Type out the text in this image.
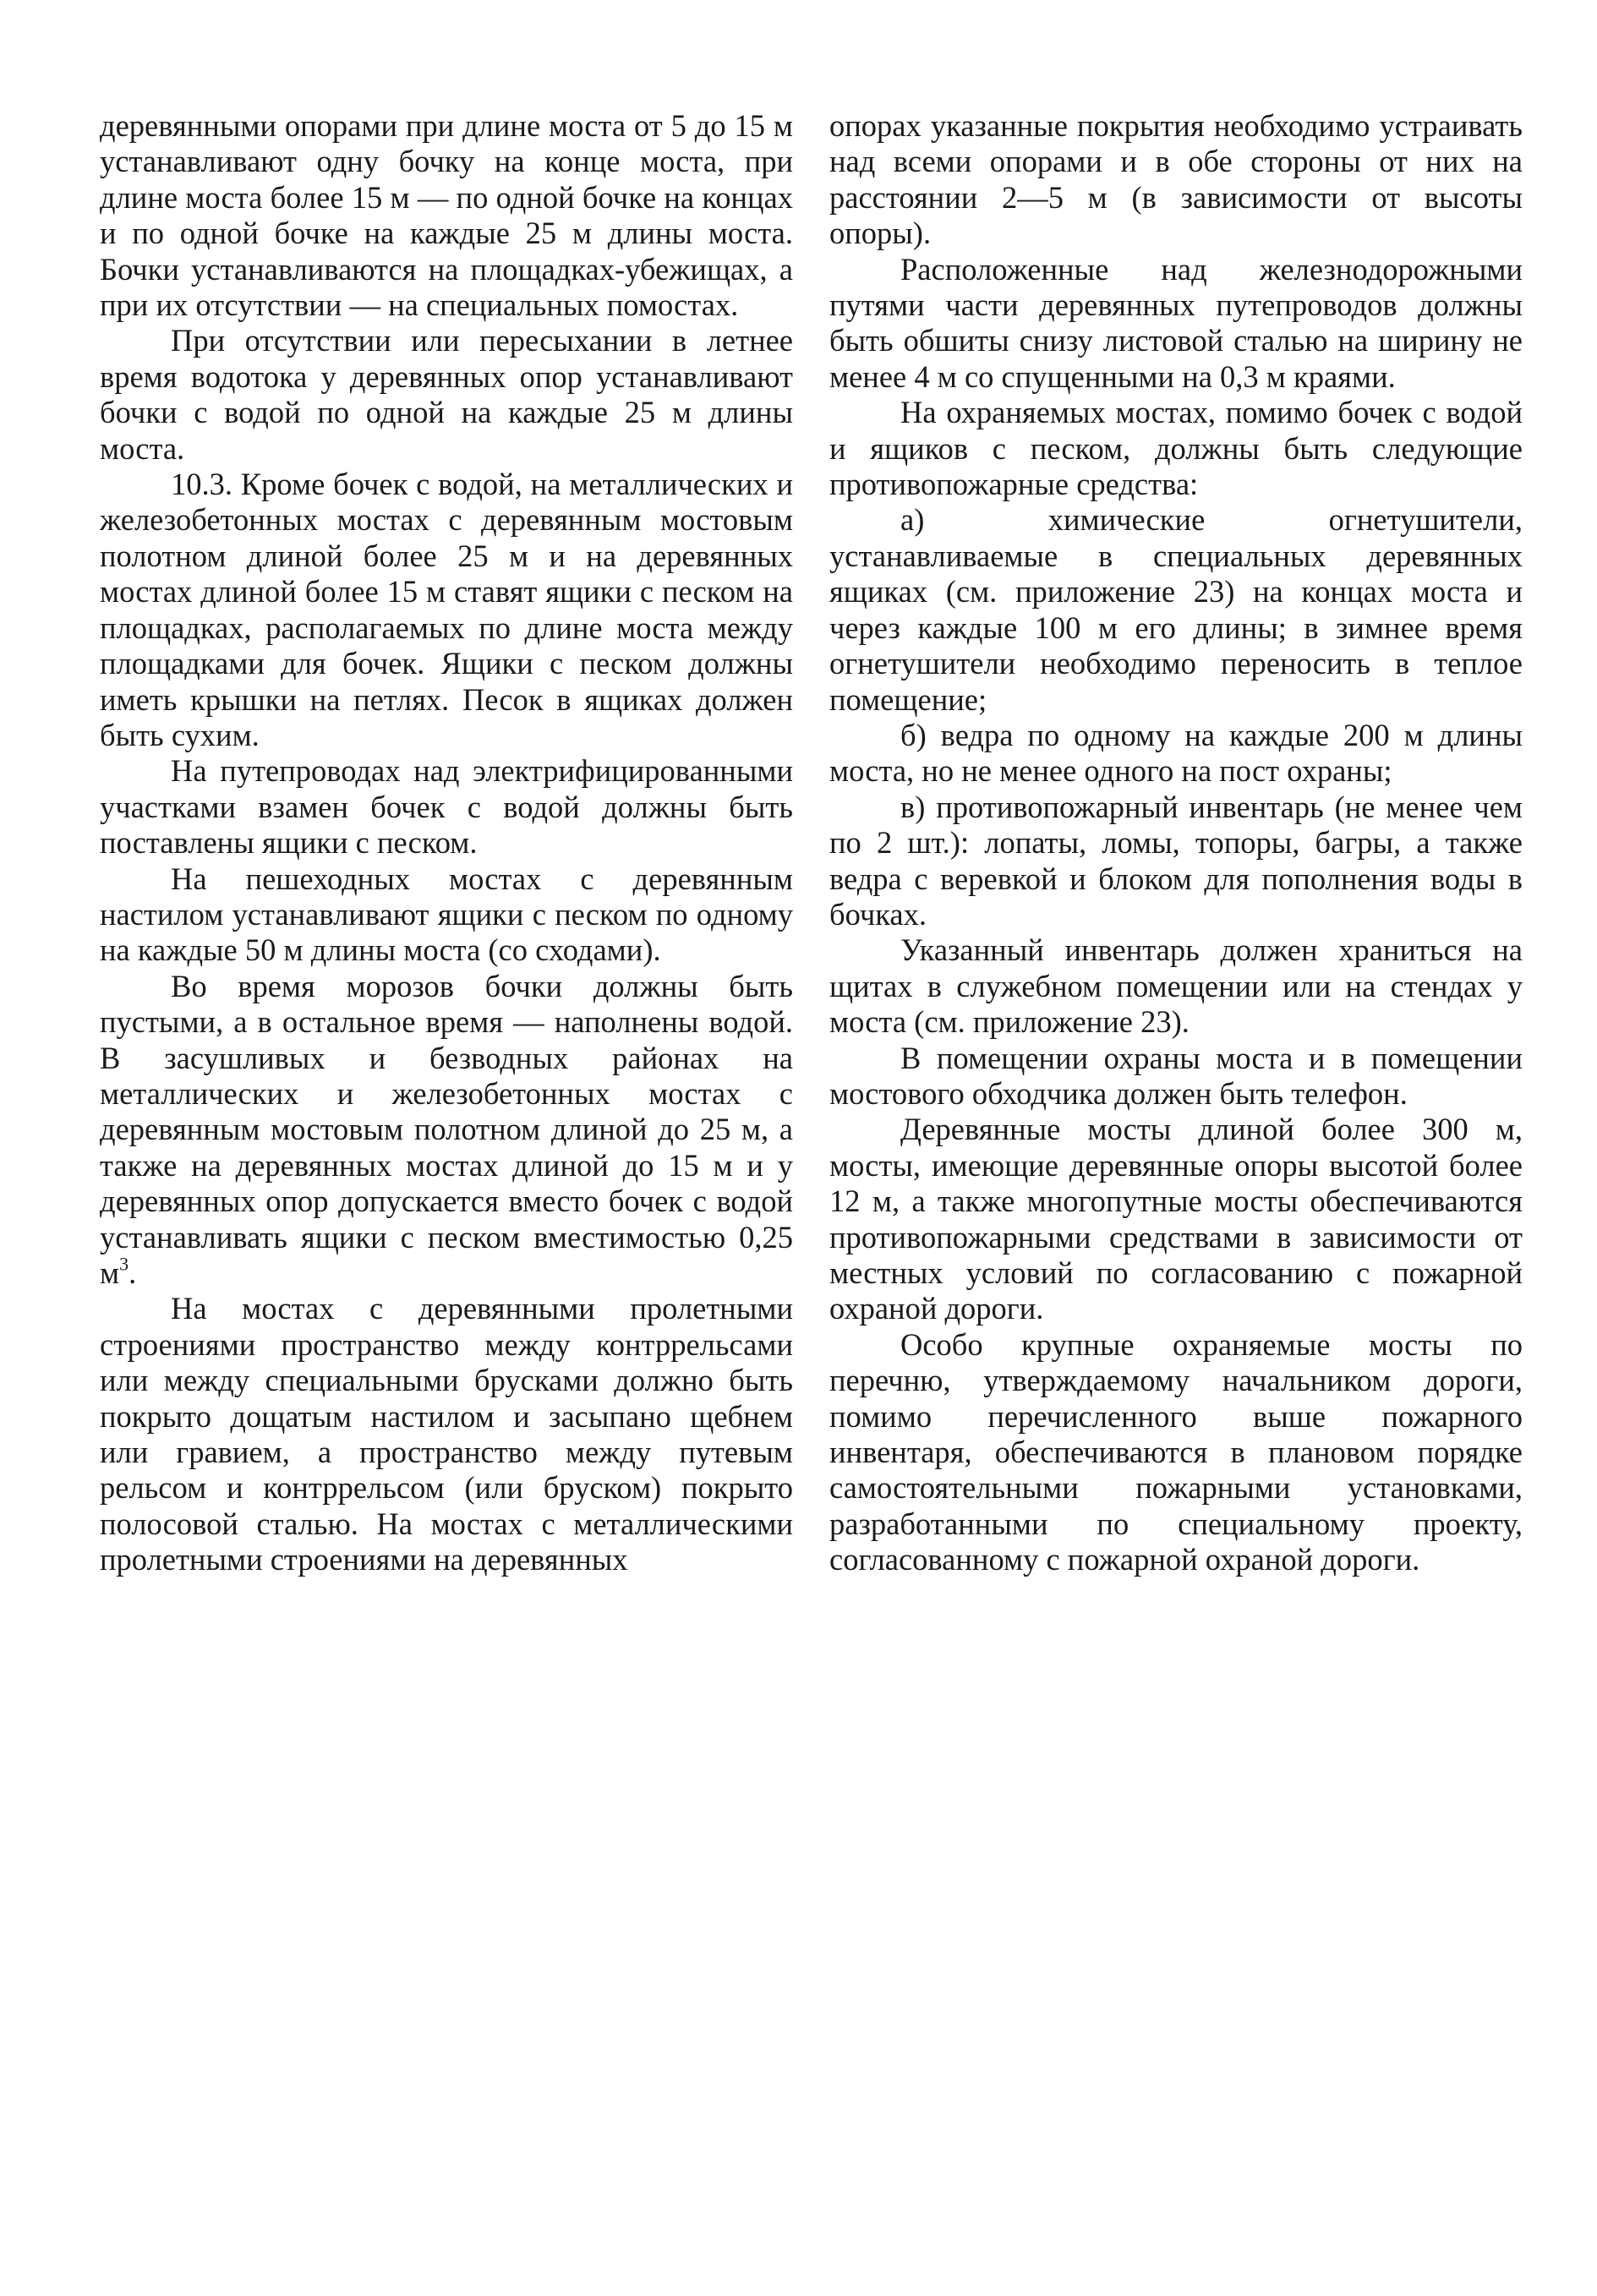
деревянными опорами при длине моста от 5 до 15 м устанавливают одну бочку на конце моста, при длине моста более 15 м — по одной бочке на концах и по одной бочке на каждые 25 м длины моста. Бочки устанавливаются на площадках-убежищах, а при их отсутствии — на специальных помостах.

При отсутствии или пересыхании в летнее время водотока у деревянных опор устанавливают бочки с водой по одной на каждые 25 м длины моста.

10.3. Кроме бочек с водой, на металлических и железобетонных мостах с деревянным мостовым полотном длиной более 25 м и на деревянных мостах длиной более 15 м ставят ящики с песком на площадках, располагаемых по длине моста между площадками для бочек. Ящики с песком должны иметь крышки на петлях. Песок в ящиках должен быть сухим.

На путепроводах над электрифицированными участками взамен бочек с водой должны быть поставлены ящики с песком.

На пешеходных мостах с деревянным настилом устанавливают ящики с песком по одному на каждые 50 м длины моста (со сходами).

Во время морозов бочки должны быть пустыми, а в остальное время — наполнены водой. В засушливых и безводных районах на металлических и железобетонных мостах с деревянным мостовым полотном длиной до 25 м, а также на деревянных мостах длиной до 15 м и у деревянных опор допускается вместо бочек с водой устанавливать ящики с песком вместимостью 0,25 $м^3$.

На мостах с деревянными пролетными строениями пространство между контррельсами или между специальными брусками должно быть покрыто дощатым настилом и засыпано щебнем или гравием, а пространство между путевым рельсом и контррельсом (или бруском) покрыто полосовой сталью. На мостах с металлическими пролетными строениями на деревянных

опорах указанные покрытия необходимо устраивать над всеми опорами и в обе стороны от них на расстоянии 2—5 м (в зависимости от высоты опоры).

Расположенные над железнодорожными путями части деревянных путепроводов должны быть обшиты снизу листовой сталью на ширину не менее 4 м со спущенными на 0,3 м краями.

На охраняемых мостах, помимо бочек с водой и ящиков с песком, должны быть следующие противопожарные средства:

а) химические огнетушители, устанавливаемые в специальных деревянных ящиках (см. приложение 23) на концах моста и через каждые 100 м его длины; в зимнее время огнетушители необходимо переносить в теплое помещение;

б) ведра по одному на каждые 200 м длины моста, но не менее одного на пост охраны;

в) противопожарный инвентарь (не менее чем по 2 шт.): лопаты, ломы, топоры, багры, а также ведра с веревкой и блоком для пополнения воды в бочках.

Указанный инвентарь должен храниться на щитах в служебном помещении или на стендах у моста (см. приложение 23).

В помещении охраны моста и в помещении мостового обходчика должен быть телефон.

Деревянные мосты длиной более 300 м, мосты, имеющие деревянные опоры высотой более 12 м, а также многопутные мосты обеспечиваются противопожарными средствами в зависимости от местных условий по согласованию с пожарной охраной дороги.

Особо крупные охраняемые мосты по перечню, утверждаемому начальником дороги, помимо перечисленного выше пожарного инвентаря, обеспечиваются в плановом порядке самостоятельными пожарными установками, разработанными по специальному проекту, согласованному с пожарной охраной дороги.
